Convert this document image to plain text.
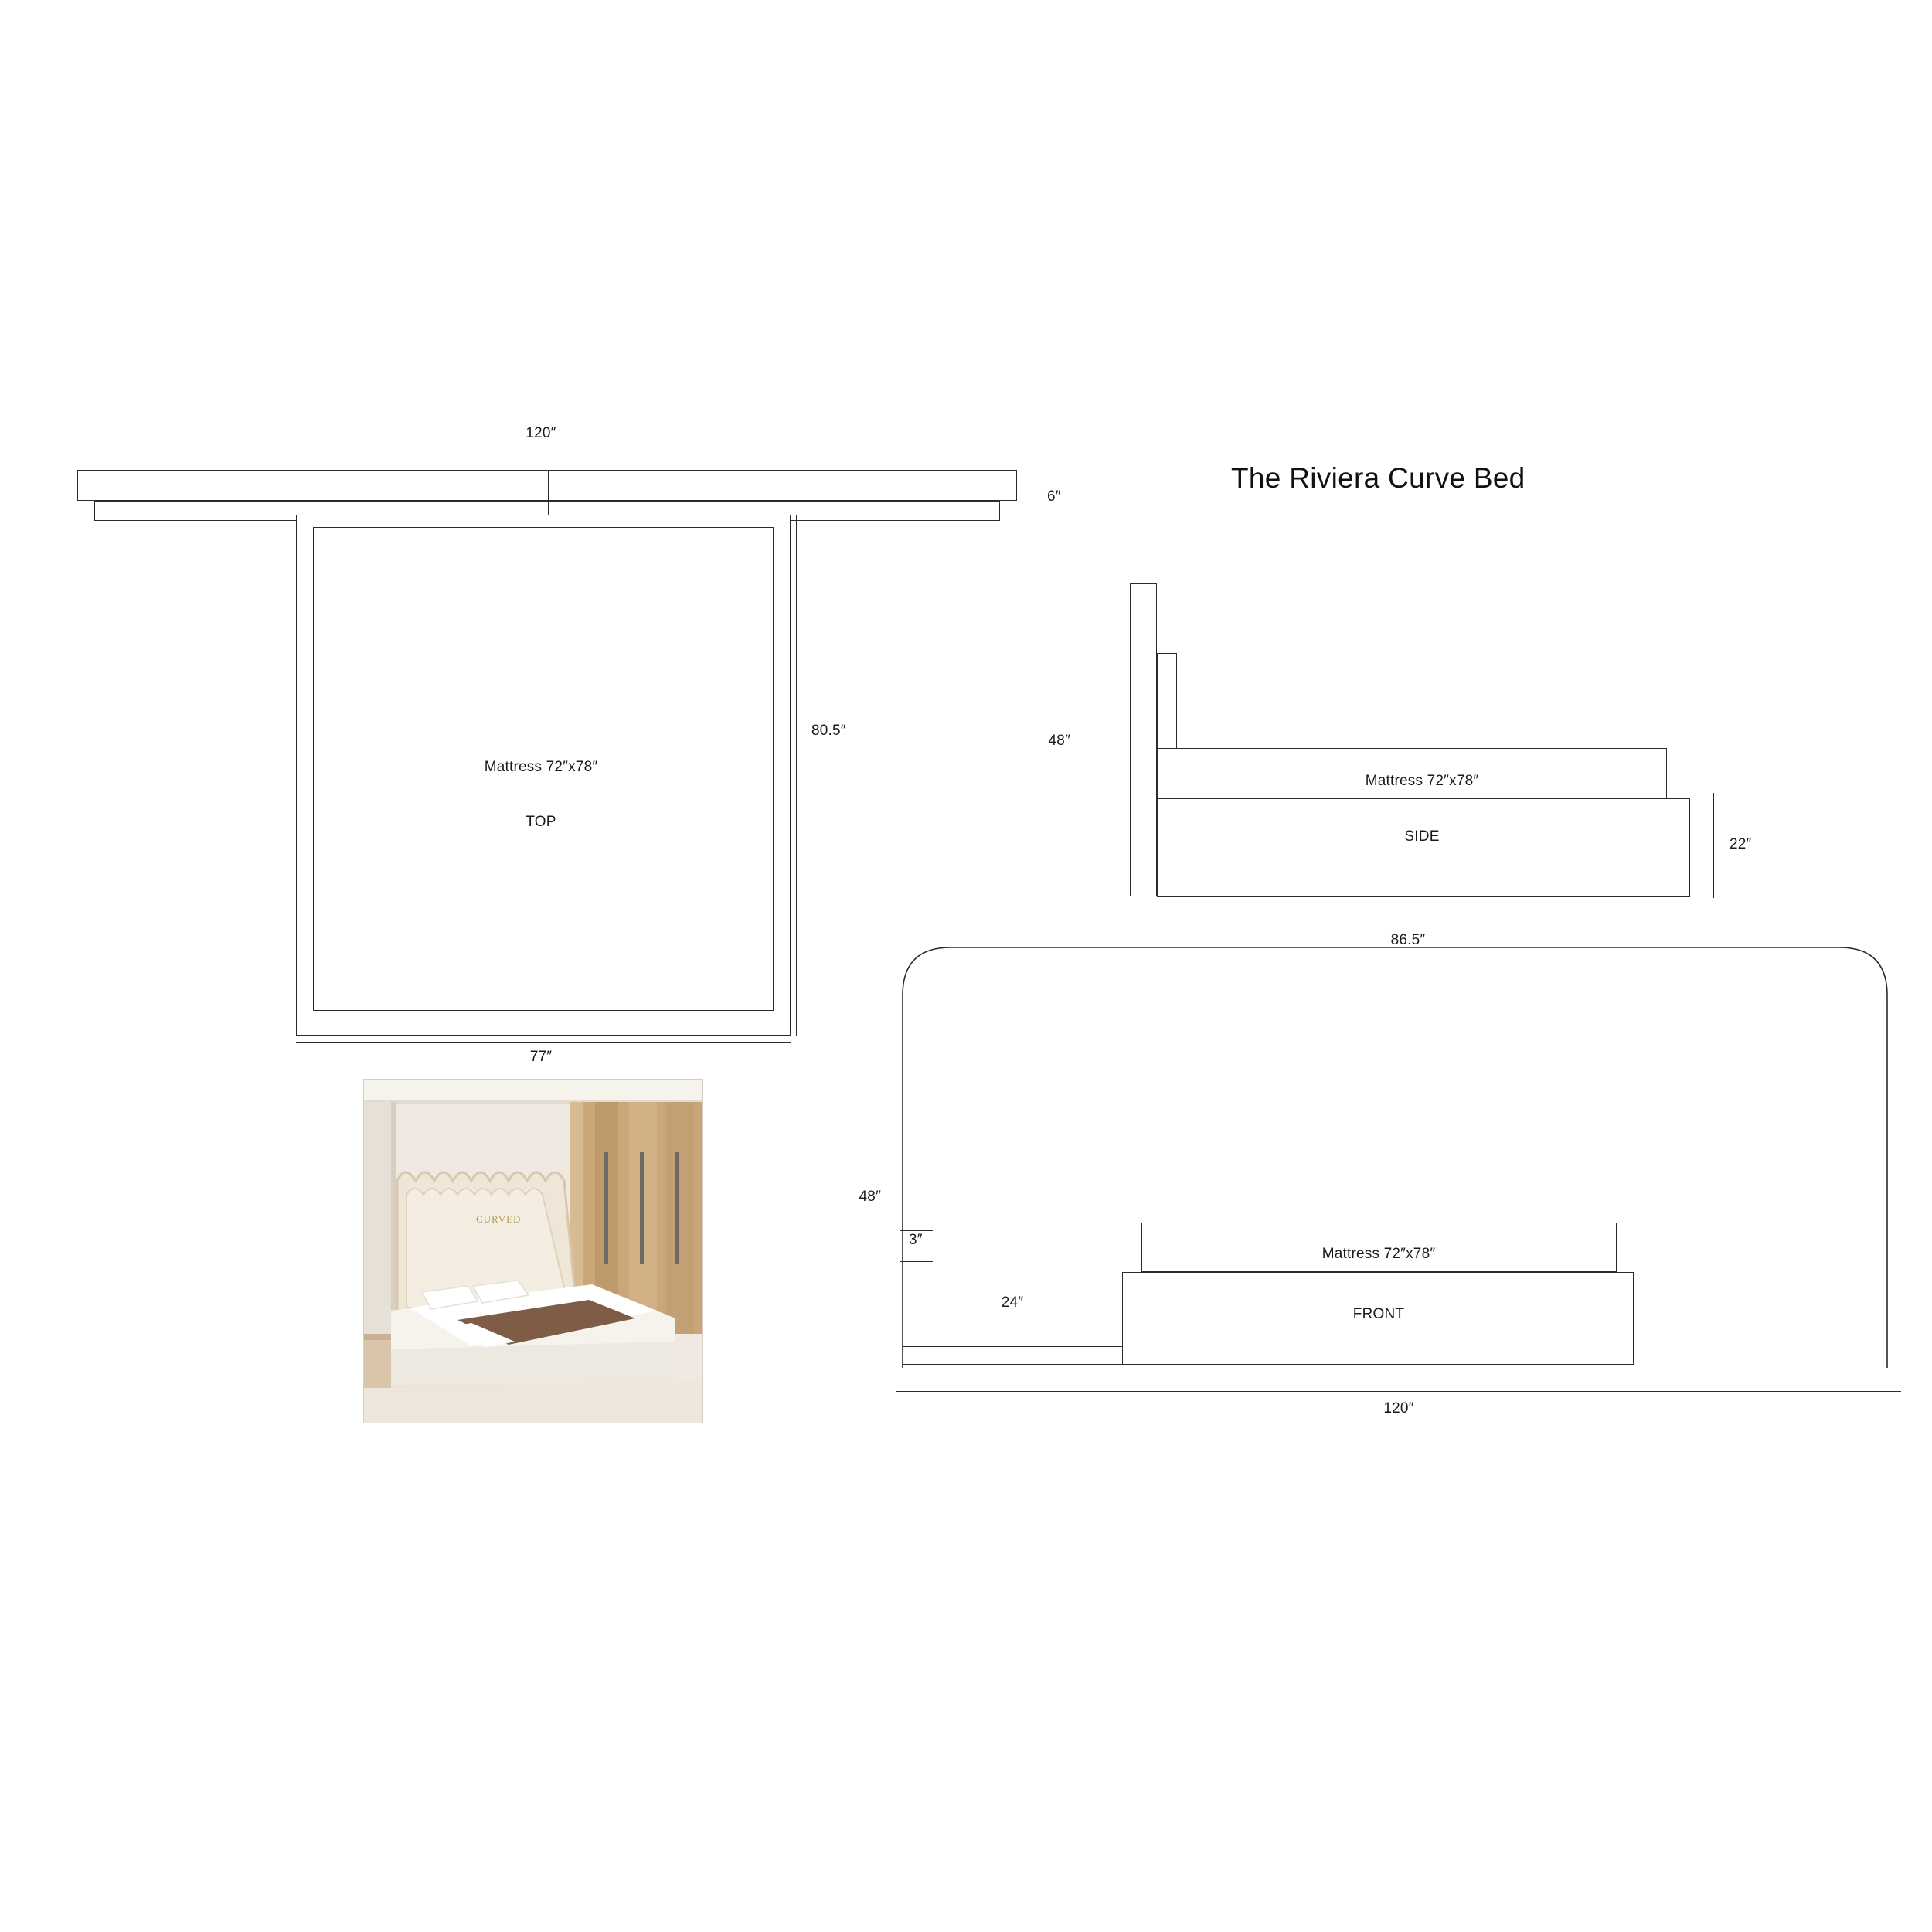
The Riviera Curve Bed
120″
6″
Mattress 72″x78″
TOP
80.5″
77″
48″
Mattress 72″x78″
SIDE	22″
86.5″
48″
3″
Mattress 72″x78″
FRONT
24″
120″
CURVED
